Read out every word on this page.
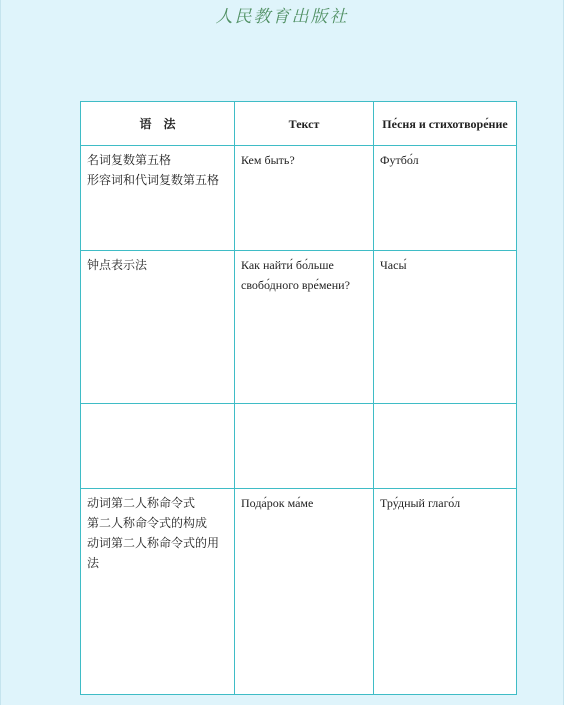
人民教育出版社
语　法	Текст	Пе́сня и стихотворе́ние

名词复数第五格
形容词和代词复数第五格	Кем быть?	Футбо́л

钟点表示法	Как найти́ бо́льше свобо́дного вре́мени?	Часы́

动词第二人称命令式
第二人称命令式的构成
动词第二人称命令式的用法	Пода́рок ма́ме	Тру́дный глаго́л
